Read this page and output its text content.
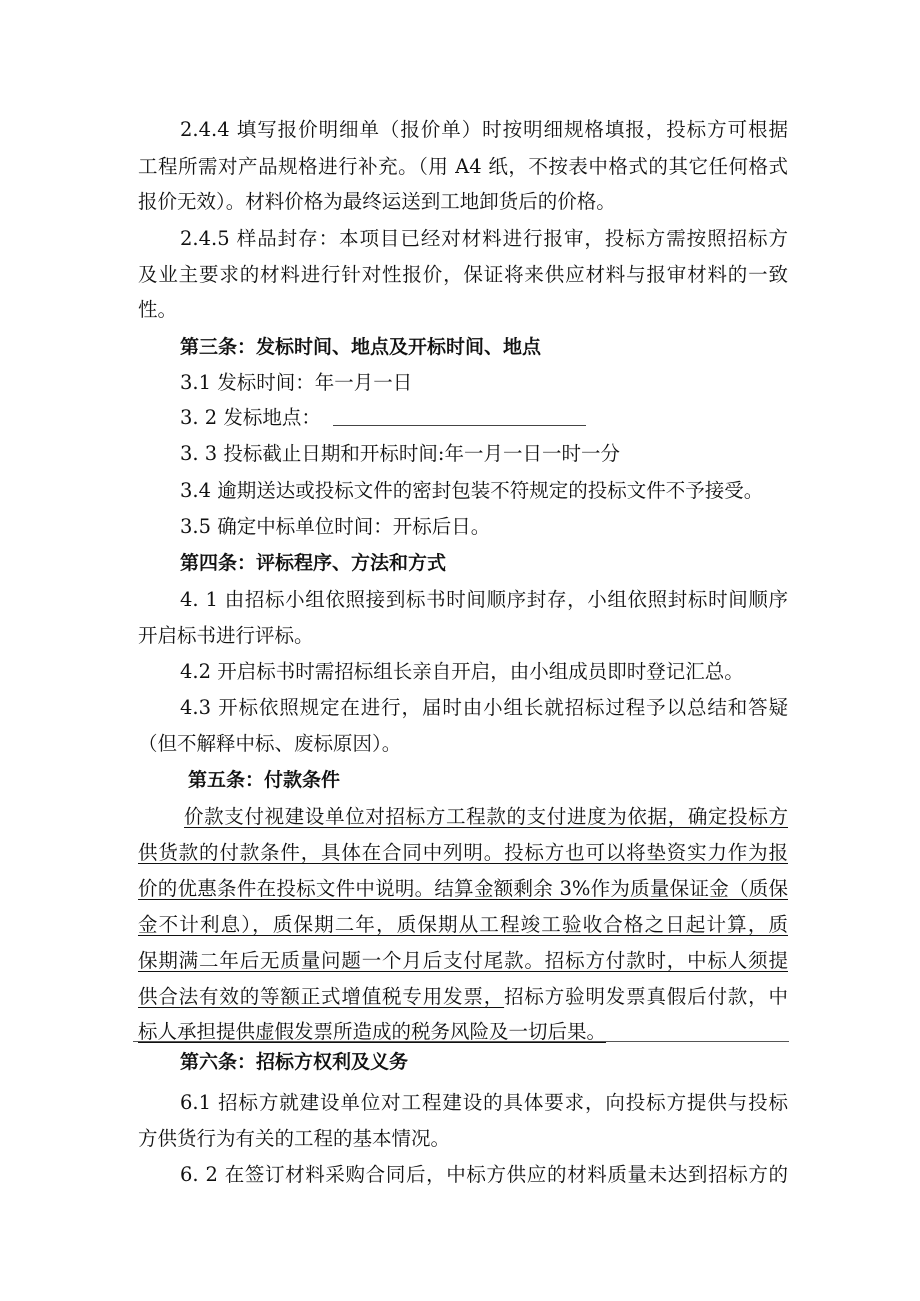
2.4.4 填写报价明细单（报价单）时按明细规格填报，投标方可根据
工程所需对产品规格进行补充。（用 A4 纸，不按表中格式的其它任何格式
报价无效）。材料价格为最终运送到工地卸货后的价格。
2.4.5 样品封存：本项目已经对材料进行报审，投标方需按照招标方
及业主要求的材料进行针对性报价，保证将来供应材料与报审材料的一致
性。
第三条：发标时间、地点及开标时间、地点
3.1 发标时间：年一月一日
3. 2 发标地点：
3. 3 投标截止日期和开标时间:年一月一日一时一分
3.4 逾期送达或投标文件的密封包装不符规定的投标文件不予接受。
3.5 确定中标单位时间：开标后日。
第四条：评标程序、方法和方式
4. 1 由招标小组依照接到标书时间顺序封存，小组依照封标时间顺序
开启标书进行评标。
4.2 开启标书时需招标组长亲自开启，由小组成员即时登记汇总。
4.3 开标依照规定在进行，届时由小组长就招标过程予以总结和答疑
（但不解释中标、废标原因）。
第五条：付款条件
价款支付视建设单位对招标方工程款的支付进度为依据，确定投标方
供货款的付款条件，具体在合同中列明。投标方也可以将垫资实力作为报
价的优惠条件在投标文件中说明。结算金额剩余 3%作为质量保证金（质保
金不计利息），质保期二年，质保期从工程竣工验收合格之日起计算，质
保期满二年后无质量问题一个月后支付尾款。招标方付款时，中标人须提
供合法有效的等额正式增值税专用发票，招标方验明发票真假后付款，中
标人承担提供虚假发票所造成的税务风险及一切后果。
第六条：招标方权利及义务
6.1 招标方就建设单位对工程建设的具体要求，向投标方提供与投标
方供货行为有关的工程的基本情况。
6. 2 在签订材料采购合同后，中标方供应的材料质量未达到招标方的
